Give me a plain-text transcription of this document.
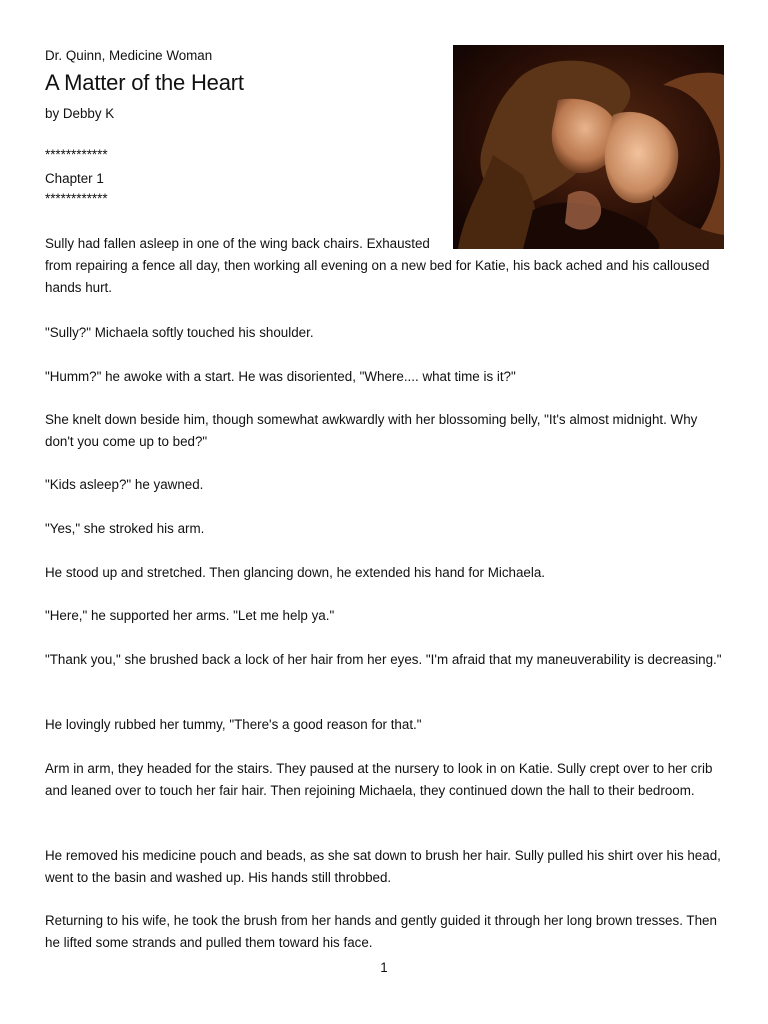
Dr. Quinn, Medicine Woman
A Matter of the Heart
by Debby K
************
Chapter 1
************

Sully had fallen asleep in one of the wing back chairs. Exhausted

from repairing a fence all day, then working all evening on a new bed for Katie, his back ached and his calloused hands hurt.

"Sully?" Michaela softly touched his shoulder.

"Humm?" he awoke with a start. He was disoriented, "Where.... what time is it?"

She knelt down beside him, though somewhat awkwardly with her blossoming belly, "It's almost midnight. Why don't you come up to bed?"

"Kids asleep?" he yawned.

"Yes," she stroked his arm.

He stood up and stretched. Then glancing down, he extended his hand for Michaela.

"Here," he supported her arms. "Let me help ya."

"Thank you," she brushed back a lock of her hair from her eyes. "I'm afraid that my maneuverability is decreasing."

He lovingly rubbed her tummy, "There's a good reason for that."

Arm in arm, they headed for the stairs. They paused at the nursery to look in on Katie. Sully crept over to her crib and leaned over to touch her fair hair. Then rejoining Michaela, they continued down the hall to their bedroom.

He removed his medicine pouch and beads, as she sat down to brush her hair. Sully pulled his shirt over his head, went to the basin and washed up. His hands still throbbed.

Returning to his wife, he took the brush from her hands and gently guided it through her long brown tresses. Then he lifted some strands and pulled them toward his face.

1
